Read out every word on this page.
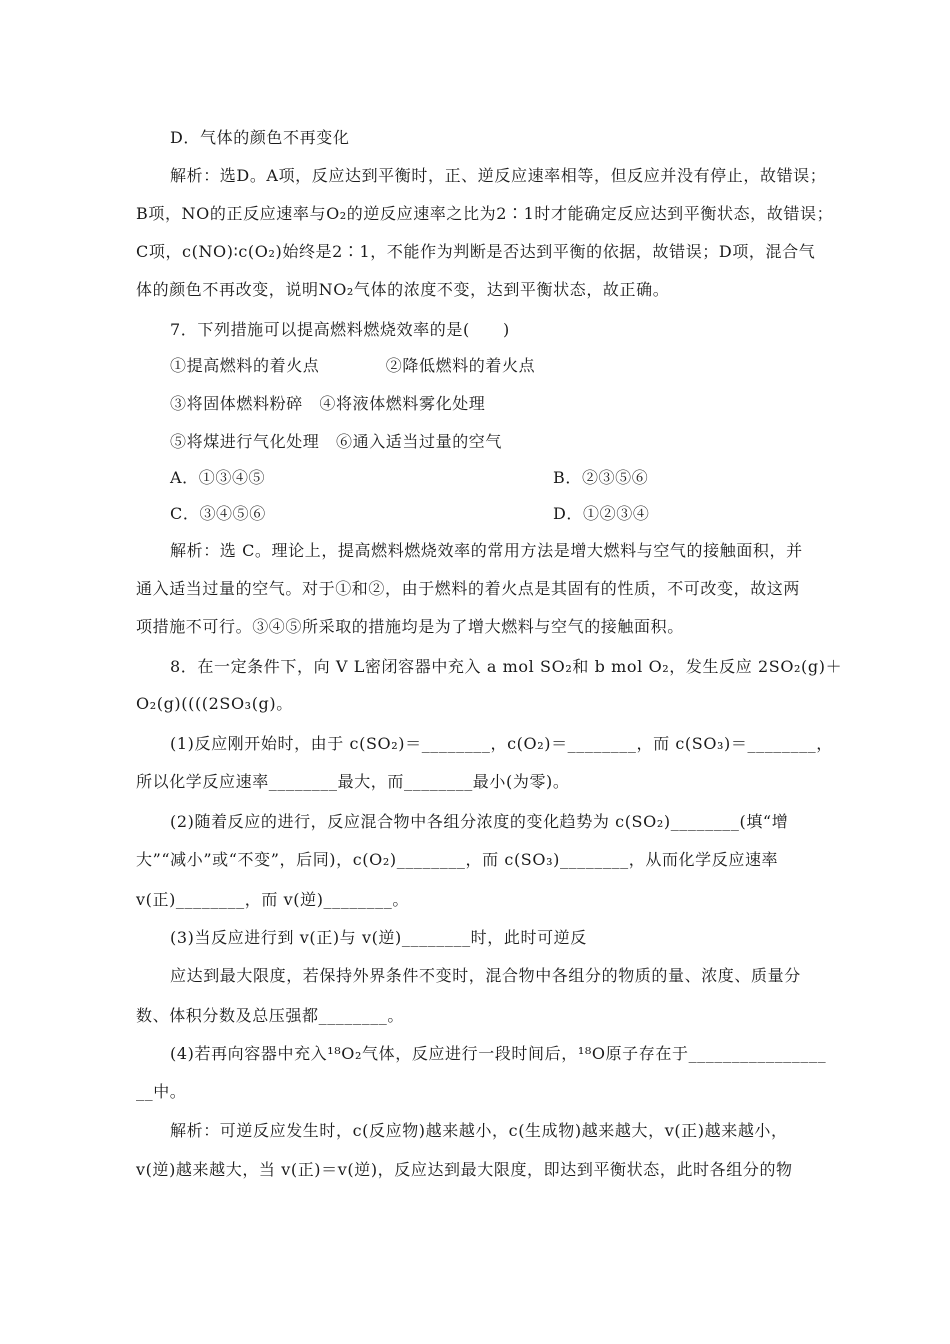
D．气体的颜色不再变化
解析：选D。A项，反应达到平衡时，正、逆反应速率相等，但反应并没有停止，故错误；
B项，NO的正反应速率与O₂的逆反应速率之比为2∶1时才能确定反应达到平衡状态，故错误；
C项，c(NO)∶c(O₂)始终是2∶1，不能作为判断是否达到平衡的依据，故错误；D项，混合气
体的颜色不再改变，说明NO₂气体的浓度不变，达到平衡状态，故正确。
7．下列措施可以提高燃料燃烧效率的是(　　)
①提高燃料的着火点　　　　②降低燃料的着火点
③将固体燃料粉碎　④将液体燃料雾化处理
⑤将煤进行气化处理　⑥通入适当过量的空气
A．①③④⑤	B．②③⑤⑥
C．③④⑤⑥	D．①②③④
解析：选 C。理论上，提高燃料燃烧效率的常用方法是增大燃料与空气的接触面积，并
通入适当过量的空气。对于①和②，由于燃料的着火点是其固有的性质，不可改变，故这两
项措施不可行。③④⑤所采取的措施均是为了增大燃料与空气的接触面积。
8．在一定条件下，向 V L密闭容器中充入 a mol SO₂和 b mol O₂，发生反应 2SO₂(g)＋
O₂(g)((((2SO₃(g)。
(1)反应刚开始时，由于 c(SO₂)＝________，c(O₂)＝________，而 c(SO₃)＝________，
所以化学反应速率________最大，而________最小(为零)。
(2)随着反应的进行，反应混合物中各组分浓度的变化趋势为 c(SO₂)________(填“增
大”“减小”或“不变”，后同)，c(O₂)________，而 c(SO₃)________，从而化学反应速率
v(正)________，而 v(逆)________。
(3)当反应进行到 v(正)与 v(逆)________时，此时可逆反
应达到最大限度，若保持外界条件不变时，混合物中各组分的物质的量、浓度、质量分
数、体积分数及总压强都________。
(4)若再向容器中充入¹⁸O₂气体，反应进行一段时间后，¹⁸O原子存在于________________
__中。
解析：可逆反应发生时，c(反应物)越来越小，c(生成物)越来越大，v(正)越来越小，
v(逆)越来越大，当 v(正)＝v(逆)，反应达到最大限度，即达到平衡状态，此时各组分的物
